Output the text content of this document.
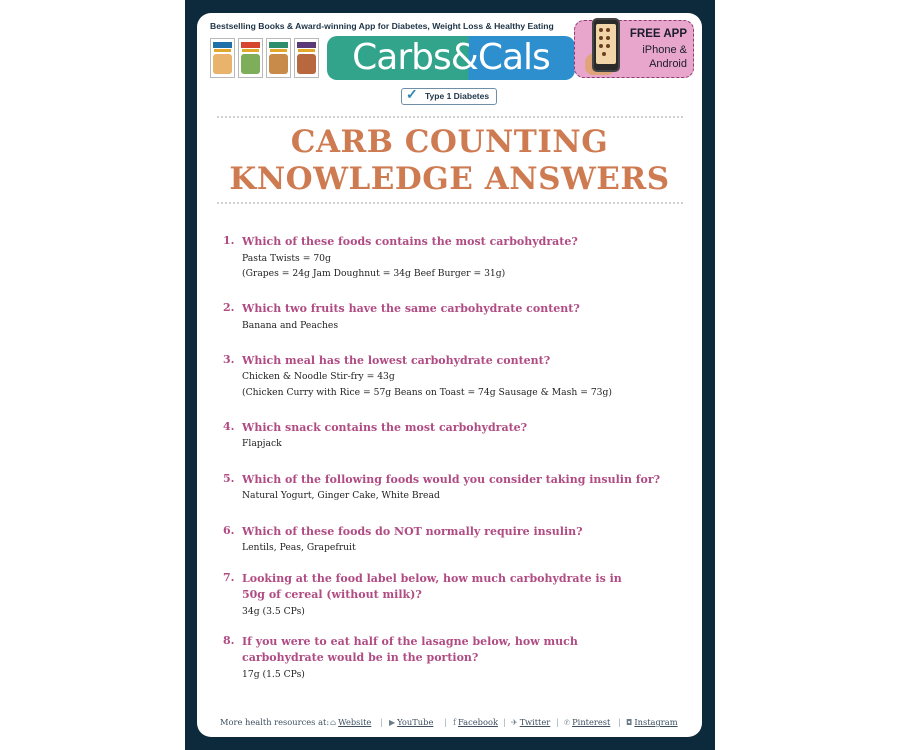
Bestselling Books & Award-winning App for Diabetes, Weight Loss & Healthy Eating
Carbs&Cals
FREE APP
iPhone &
Android
✓ Type 1 Diabetes
CARB COUNTING
KNOWLEDGE ANSWERS
1. Which of these foods contains the most carbohydrate?
Pasta Twists = 70g
(Grapes = 24g Jam Doughnut = 34g Beef Burger = 31g)
2. Which two fruits have the same carbohydrate content?
Banana and Peaches
3. Which meal has the lowest carbohydrate content?
Chicken & Noodle Stir-fry = 43g
(Chicken Curry with Rice = 57g Beans on Toast = 74g Sausage & Mash = 73g)
4. Which snack contains the most carbohydrate?
Flapjack
5. Which of the following foods would you consider taking insulin for?
Natural Yogurt, Ginger Cake, White Bread
6. Which of these foods do NOT normally require insulin?
Lentils, Peas, Grapefruit
7. Looking at the food label below, how much carbohydrate is in
50g of cereal (without milk)?
34g (3.5 CPs)
8. If you were to eat half of the lasagne below, how much
carbohydrate would be in the portion?
17g (1.5 CPs)
More health resources at: ⌂ Website | ▶ YouTube | f Facebook | ✈ Twitter | ℗ Pinterest | ◘ Instagram
